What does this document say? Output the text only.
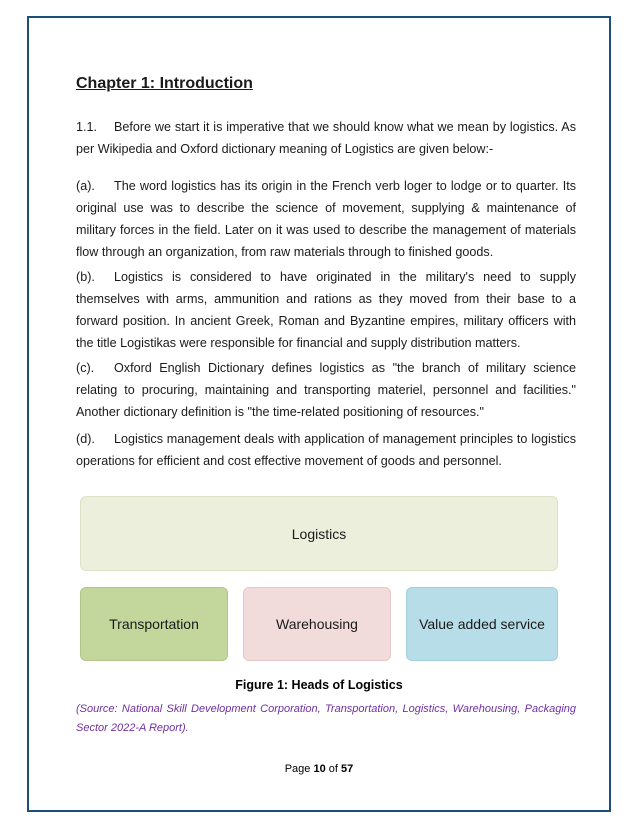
Chapter 1: Introduction

1.1. Before we start it is imperative that we should know what we mean by logistics. As per Wikipedia and Oxford dictionary meaning of Logistics are given below:-

(a). The word logistics has its origin in the French verb loger to lodge or to quarter. Its original use was to describe the science of movement, supplying & maintenance of military forces in the field. Later on it was used to describe the management of materials flow through an organization, from raw materials through to finished goods.

(b). Logistics is considered to have originated in the military's need to supply themselves with arms, ammunition and rations as they moved from their base to a forward position. In ancient Greek, Roman and Byzantine empires, military officers with the title Logistikas were responsible for financial and supply distribution matters.

(c). Oxford English Dictionary defines logistics as "the branch of military science relating to procuring, maintaining and transporting materiel, personnel and facilities." Another dictionary definition is "the time-related positioning of resources."

(d). Logistics management deals with application of management principles to logistics operations for efficient and cost effective movement of goods and personnel.

Logistics
Transportation	Warehousing	Value added service
Figure 1: Heads of Logistics
(Source: National Skill Development Corporation, Transportation, Logistics, Warehousing, Packaging Sector 2022-A Report).
Page 10 of 57
